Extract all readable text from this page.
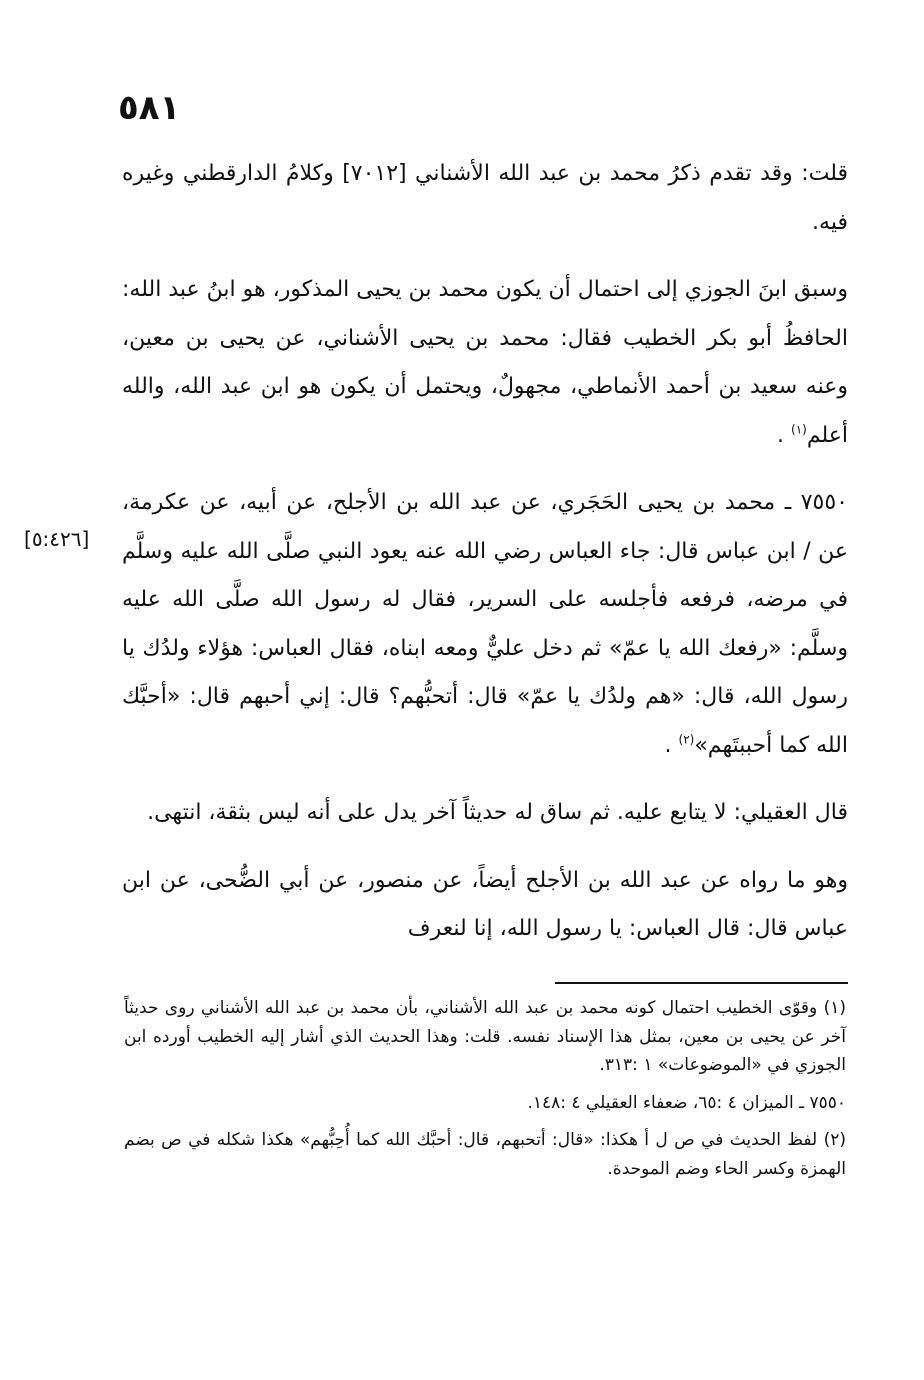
٥٨١
[٥:٤٢٦]

قلت: وقد تقدم ذكرُ محمد بن عبد الله الأشناني [٧٠١٢] وكلامُ الدارقطني وغيره فيه.

وسبق ابنَ الجوزي إلى احتمال أن يكون محمد بن يحيى المذكور، هو ابنُ عبد الله: الحافظُ أبو بكر الخطيب فقال: محمد بن يحيى الأشناني، عن يحيى بن معين، وعنه سعيد بن أحمد الأنماطي، مجهولٌ، ويحتمل أن يكون هو ابن عبد الله، والله أعلم$^{(١)}$ .

٧٥٥٠ ـ محمد بن يحيى الحَجَري، عن عبد الله بن الأجلح، عن أبيه، عن عكرمة، عن / ابن عباس قال: جاء العباس رضي الله عنه يعود النبي صلَّى الله عليه وسلَّم في مرضه، فرفعه فأجلسه على السرير، فقال له رسول الله صلَّى الله عليه وسلَّم: «رفعك الله يا عمّ» ثم دخل عليٌّ ومعه ابناه، فقال العباس: هؤلاء ولدُك يا رسول الله، قال: «هم ولدُك يا عمّ» قال: أتحبُّهم؟ قال: إني أحبهم قال: «أحبَّك الله كما أحببتَهم»$^{(٢)}$ .

قال العقيلي: لا يتابع عليه. ثم ساق له حديثاً آخر يدل على أنه ليس بثقة، انتهى.

وهو ما رواه عن عبد الله بن الأجلح أيضاً، عن منصور، عن أبي الضُّحى، عن ابن عباس قال: قال العباس: يا رسول الله، إنا لنعرف

(١) وقوّى الخطيب احتمال كونه محمد بن عبد الله الأشناني، بأن محمد بن عبد الله الأشناني روى حديثاً آخر عن يحيى بن معين، بمثل هذا الإسناد نفسه. قلت: وهذا الحديث الذي أشار إليه الخطيب أورده ابن الجوزي في «الموضوعات» ١ :٣١٣.

٧٥٥٠ ـ الميزان ٤ :٦٥، ضعفاء العقيلي ٤ :١٤٨.

(٢) لفظ الحديث في ص ل أ هكذا: «قال: أتحبهم، قال: أحبَّك الله كما أُحِبُّهم» هكذا شكله في ص بضم الهمزة وكسر الحاء وضم الموحدة.
